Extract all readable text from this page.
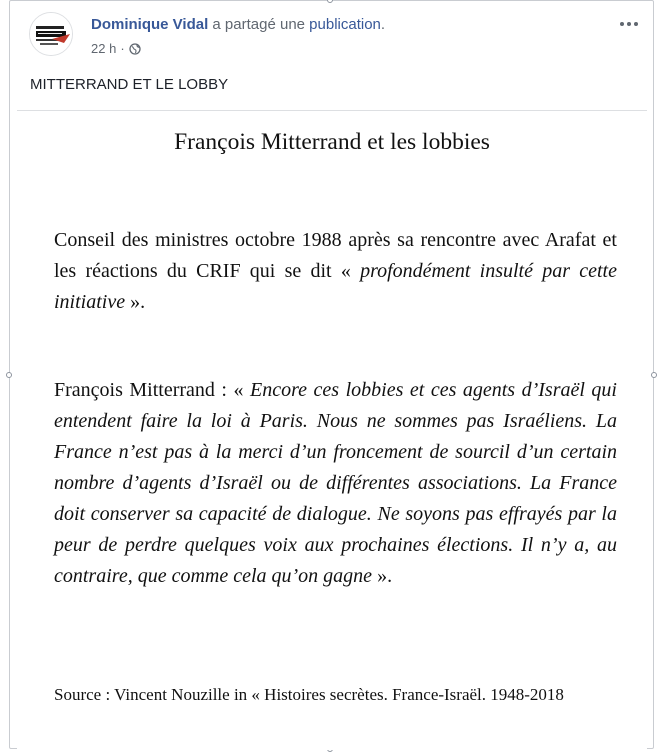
Dominique Vidal a partagé une publication.
22 h ·
MITTERRAND ET LE LOBBY
François Mitterrand et les lobbies
Conseil des ministres octobre 1988 après sa rencontre avec Arafat et les réactions du CRIF qui se dit « profondément insulté par cette initiative ».
François Mitterrand : « Encore ces lobbies et ces agents d’Israël qui entendent faire la loi à Paris. Nous ne sommes pas Israéliens. La France n’est pas à la merci d’un froncement de sourcil d’un certain nombre d’agents d’Israël ou de différentes associations. La France doit conserver sa capacité de dialogue. Ne soyons pas effrayés par la peur de perdre quelques voix aux prochaines élections. Il n’y a, au contraire, que comme cela qu’on gagne ».
Source : Vincent Nouzille in « Histoires secrètes. France-Israël. 1948-2018
